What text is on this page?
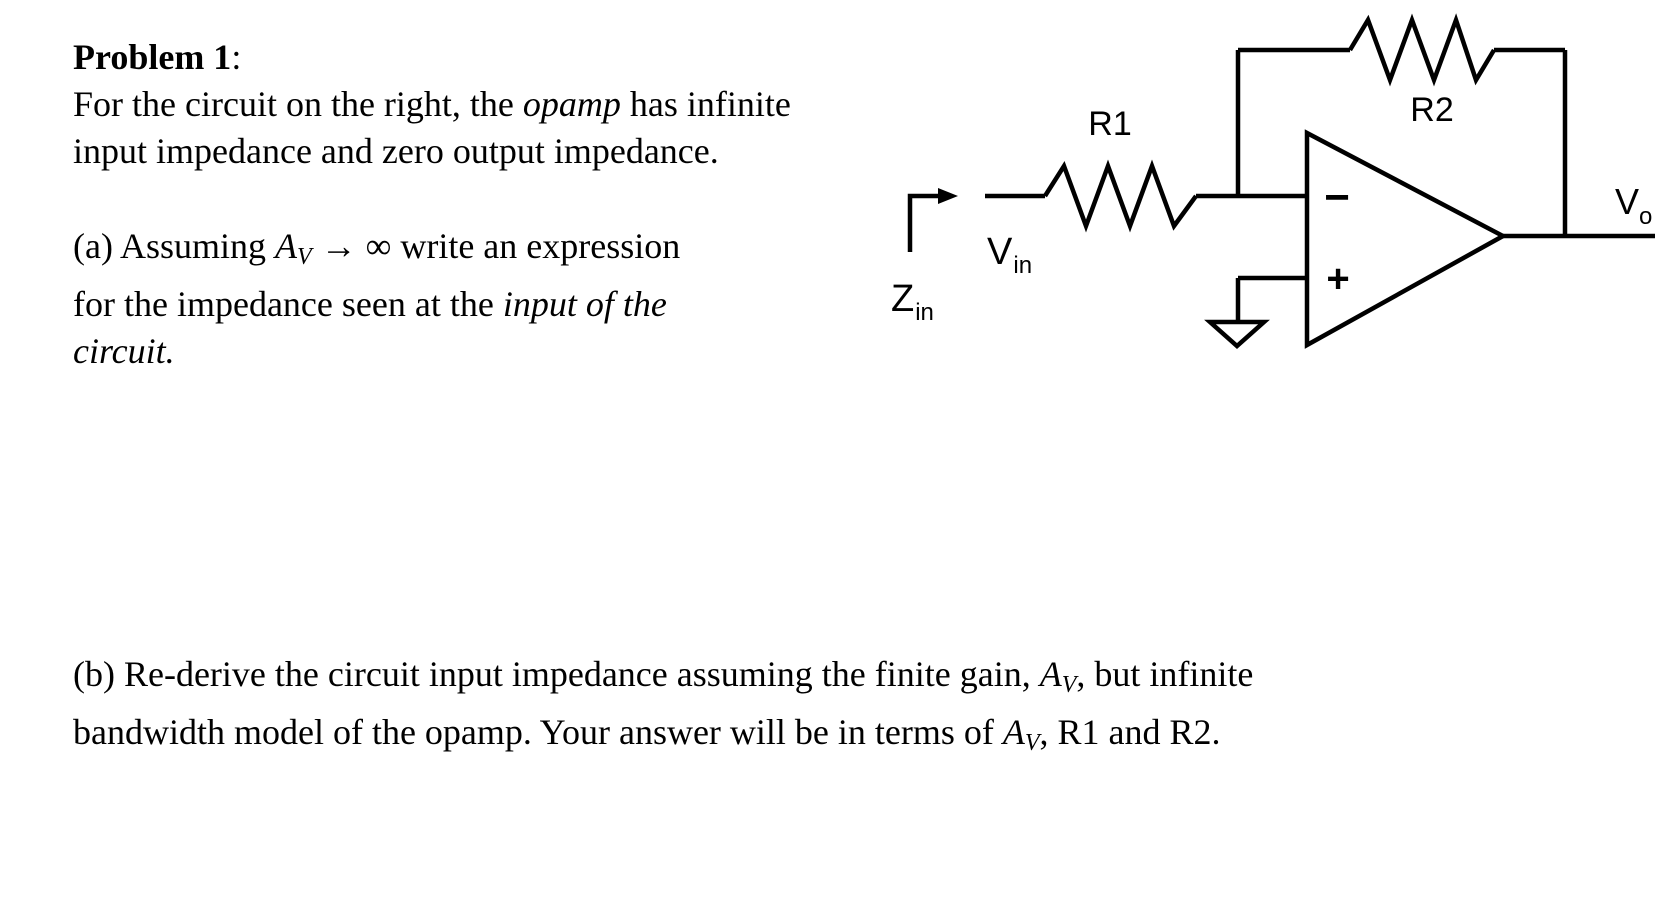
Problem 1:
For the circuit on the right, the opamp has infinite
input impedance and zero output impedance.
(a) Assuming $A_V$ → ∞ write an expression
for the impedance seen at the input of the
circuit.
(b) Re-derive the circuit input impedance assuming the finite gain, $A_V$, but infinite
bandwidth model of the opamp. Your answer will be in terms of $A_V$, R1 and R2.
−
+
R1	R2
$V_{in}$
$Z_{in}$
$V_o$
